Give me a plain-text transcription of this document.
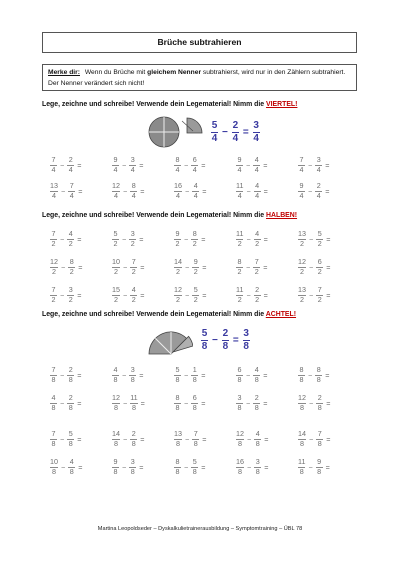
Brüche subtrahieren
Merke dir: Wenn du Brüche mit gleichem Nenner subtrahierst, wird nur in den Zählern subtrahiert. Der Nenner verändert sich nicht!
Lege, zeichne und schreibe! Verwende dein Legematerial! Nimm die VIERTEL!
$\frac{5}{4} - \frac{2}{4} = \frac{3}{4}$
$\frac{7}{4} - \frac{2}{4}$ =	$\frac{9}{4} - \frac{3}{4}$ =	$\frac{8}{4} - \frac{6}{4}$ =	$\frac{9}{4} - \frac{4}{4}$ =	$\frac{7}{4} - \frac{3}{4}$ =
$\frac{13}{4} - \frac{7}{4}$ =	$\frac{12}{4} - \frac{8}{4}$ =	$\frac{16}{4} - \frac{4}{4}$ =	$\frac{11}{4} - \frac{4}{4}$ =	$\frac{9}{4} - \frac{2}{4}$ =
Lege, zeichne und schreibe! Verwende dein Legematerial! Nimm die HALBEN!
$\frac{7}{2} - \frac{4}{2}$ =	$\frac{5}{2} - \frac{3}{2}$ =	$\frac{9}{2} - \frac{8}{2}$ =	$\frac{11}{2} - \frac{4}{2}$ =	$\frac{13}{2} - \frac{5}{2}$ =
$\frac{12}{2} - \frac{8}{2}$ =	$\frac{10}{2} - \frac{7}{2}$ =	$\frac{14}{2} - \frac{9}{2}$ =	$\frac{8}{2} - \frac{7}{2}$ =	$\frac{12}{2} - \frac{6}{2}$ =
$\frac{7}{2} - \frac{3}{2}$ =	$\frac{15}{2} - \frac{4}{2}$ =	$\frac{12}{2} - \frac{5}{2}$ =	$\frac{11}{2} - \frac{2}{2}$ =	$\frac{13}{2} - \frac{7}{2}$ =
Lege, zeichne und schreibe! Verwende dein Legematerial! Nimm die ACHTEL!
$\frac{5}{8} - \frac{2}{8} = \frac{3}{8}$
$\frac{7}{8} - \frac{2}{8}$ =	$\frac{4}{8} - \frac{3}{8}$ =	$\frac{5}{8} - \frac{1}{8}$ =	$\frac{6}{8} - \frac{4}{8}$ =	$\frac{8}{8} - \frac{8}{8}$ =
$\frac{4}{8} - \frac{2}{8}$ =	$\frac{12}{8} - \frac{11}{8}$ =	$\frac{8}{8} - \frac{6}{8}$ =	$\frac{3}{8} - \frac{2}{8}$ =	$\frac{12}{8} - \frac{2}{8}$ =
$\frac{7}{8} - \frac{5}{8}$ =	$\frac{14}{8} - \frac{2}{8}$ =	$\frac{13}{8} - \frac{7}{8}$ =	$\frac{12}{8} - \frac{4}{8}$ =	$\frac{14}{8} - \frac{7}{8}$ =
$\frac{10}{8} - \frac{4}{8}$ =	$\frac{9}{8} - \frac{3}{8}$ =	$\frac{8}{8} - \frac{5}{8}$ =	$\frac{16}{8} - \frac{3}{8}$ =	$\frac{11}{8} - \frac{9}{8}$ =
Martina Leopoldseder – Dyskalkulietrainerausbildung – Symptomtraining – ÜBL 78
